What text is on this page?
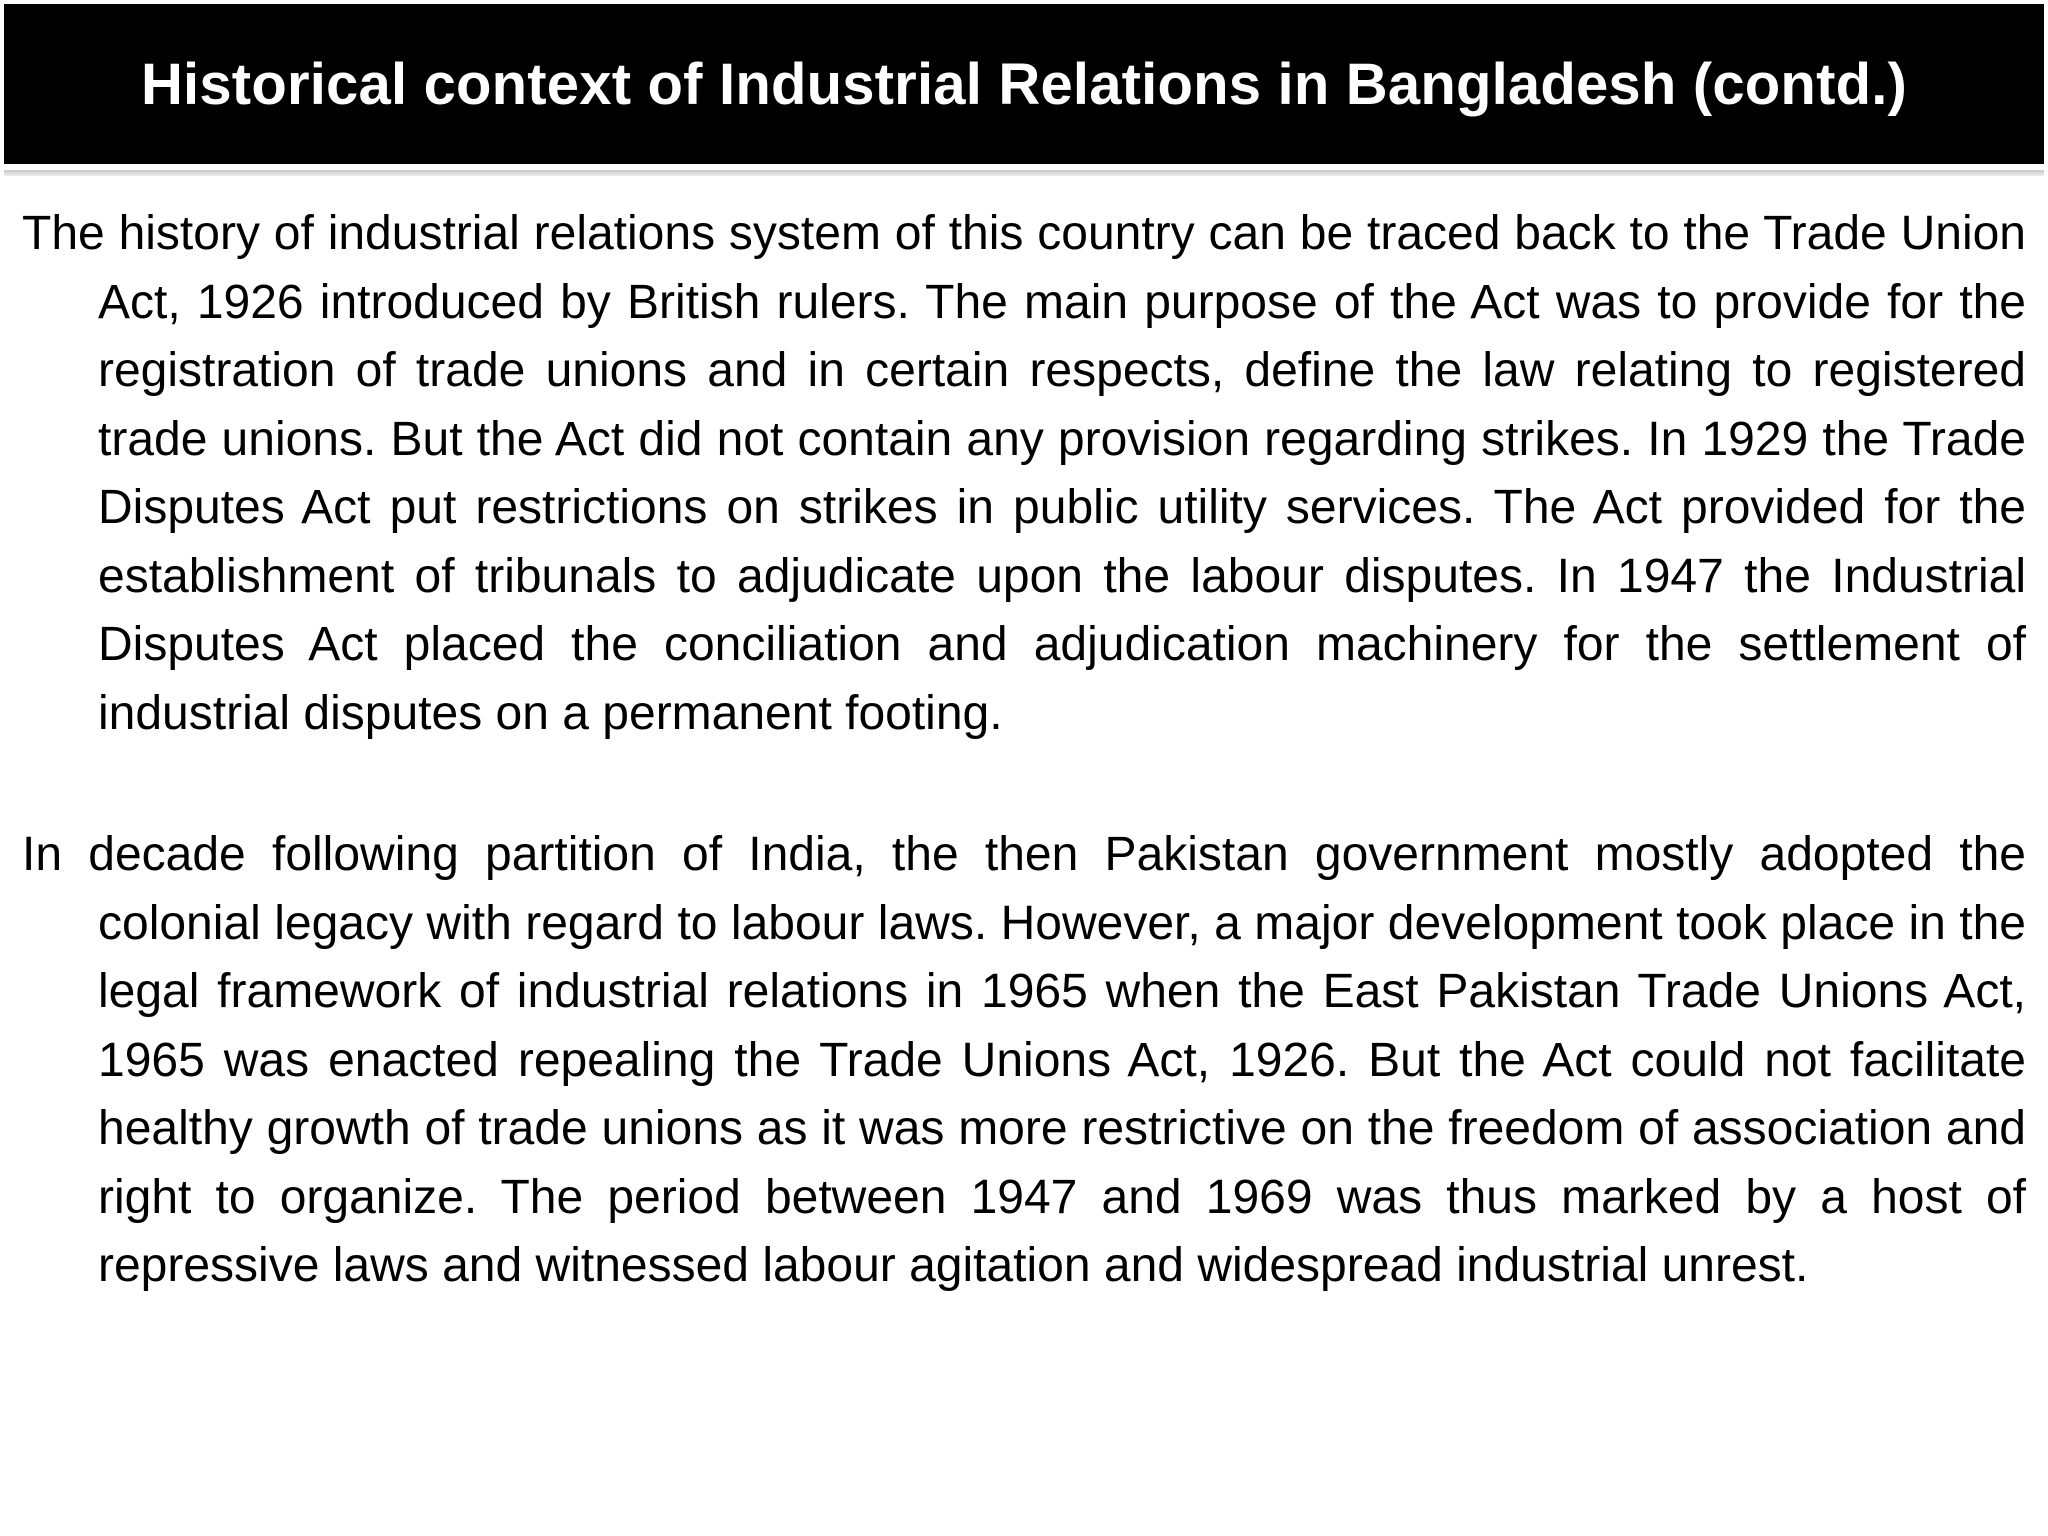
Historical context of Industrial Relations in Bangladesh (contd.)

The history of industrial relations system of this country can be traced back to the Trade Union Act, 1926 introduced by British rulers. The main purpose of the Act was to provide for the registration of trade unions and in certain respects, define the law relating to registered trade unions. But the Act did not contain any provision regarding strikes. In 1929 the Trade Disputes Act put restrictions on strikes in public utility services. The Act provided for the establishment of tribunals to adjudicate upon the labour disputes. In 1947 the Industrial Disputes Act placed the conciliation and adjudication machinery for the settlement of industrial disputes on a permanent footing.

In decade following partition of India, the then Pakistan government mostly adopted the colonial legacy with regard to labour laws. However, a major development took place in the legal framework of industrial relations in 1965 when the East Pakistan Trade Unions Act, 1965 was enacted repealing the Trade Unions Act, 1926. But the Act could not facilitate healthy growth of trade unions as it was more restrictive on the freedom of association and right to organize. The period between 1947 and 1969 was thus marked by a host of repressive laws and witnessed labour agitation and widespread industrial unrest.
